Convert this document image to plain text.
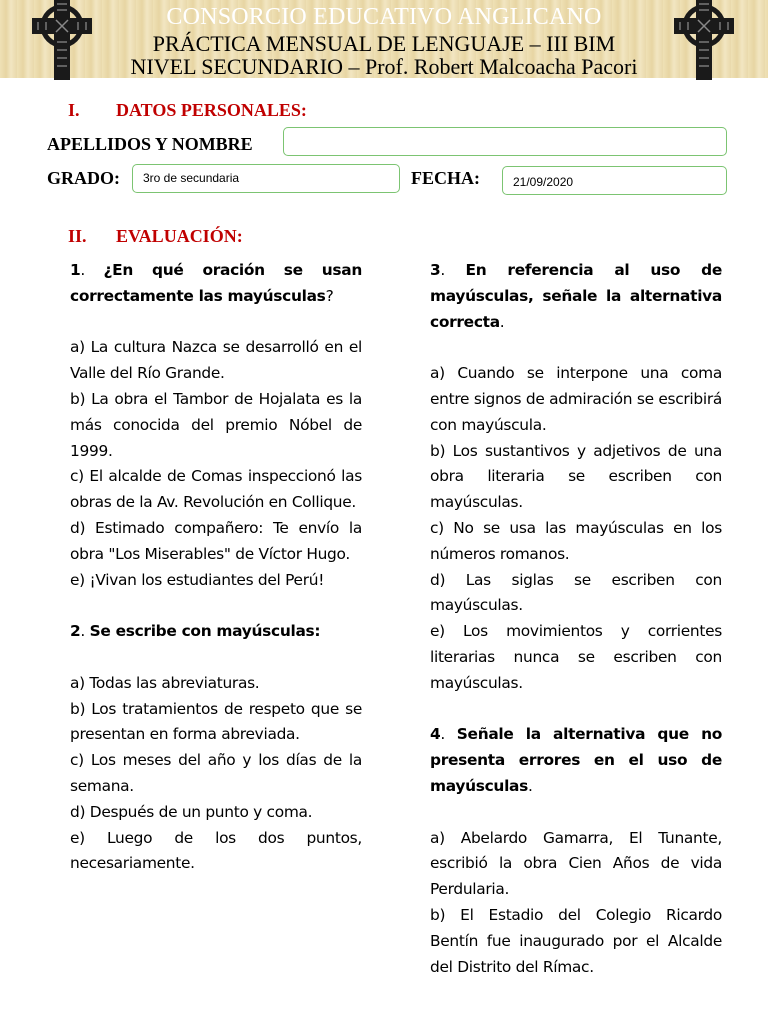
CONSORCIO EDUCATIVO ANGLICANO
PRÁCTICA MENSUAL DE LENGUAJE – III BIM
NIVEL SECUNDARIO – Prof. Robert Malcoacha Pacori
I. DATOS PERSONALES:
APELLIDOS Y NOMBRE
GRADO:	3ro de secundaria	FECHA:	21/09/2020
II. EVALUACIÓN:

1. ¿En qué oración se usan correctamente las mayúsculas?

a) La cultura Nazca se desarrolló en el Valle del Río Grande.

b) La obra el Tambor de Hojalata es la más conocida del premio Nóbel de 1999.

c) El alcalde de Comas inspeccionó las obras de la Av. Revolución en Collique.

d) Estimado compañero: Te envío la obra "Los Miserables" de Víctor Hugo.

e) ¡Vivan los estudiantes del Perú!

2. Se escribe con mayúsculas:

a) Todas las abreviaturas.

b) Los tratamientos de respeto que se presentan en forma abreviada.

c) Los meses del año y los días de la semana.

d) Después de un punto y coma.

e) Luego de los dos puntos, necesariamente.

3. En referencia al uso de mayúsculas, señale la alternativa correcta.

a) Cuando se interpone una coma entre signos de admiración se escribirá con mayúscula.

b) Los sustantivos y adjetivos de una obra literaria se escriben con mayúsculas.

c) No se usa las mayúsculas en los números romanos.

d) Las siglas se escriben con mayúsculas.

e) Los movimientos y corrientes literarias nunca se escriben con mayúsculas.

4. Señale la alternativa que no presenta errores en el uso de mayúsculas.

a) Abelardo Gamarra, El Tunante, escribió la obra Cien Años de vida Perdularia.

b) El Estadio del Colegio Ricardo Bentín fue inaugurado por el Alcalde del Distrito del Rímac.
